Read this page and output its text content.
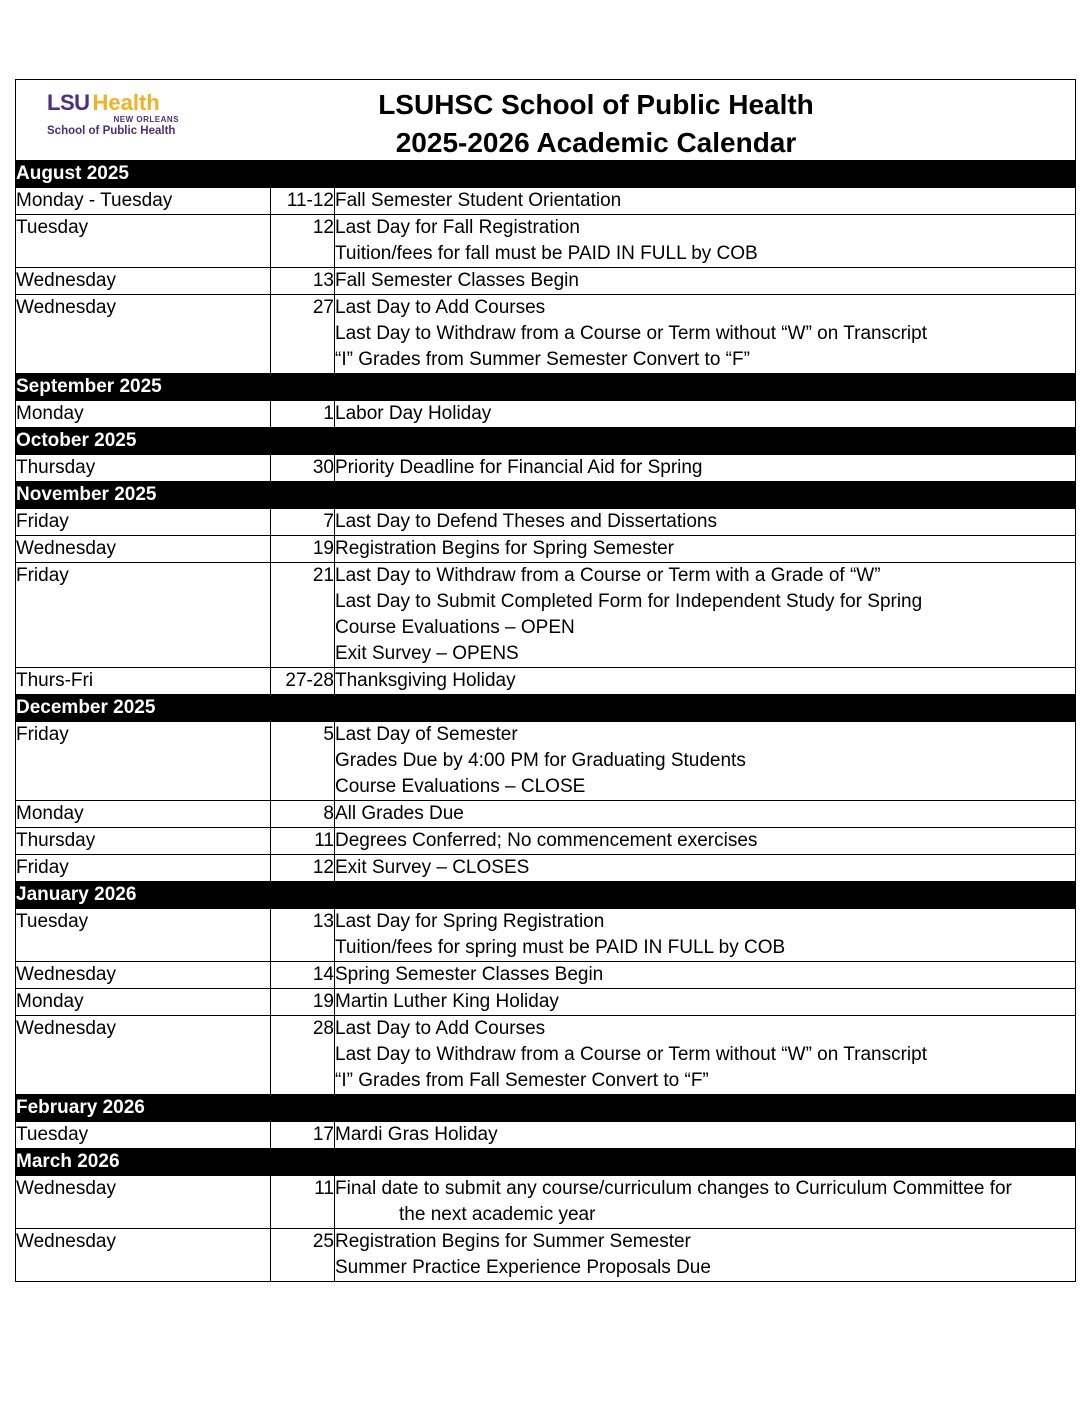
LSU Health
NEW ORLEANS
School of Public Health
LSUHSC School of Public Health
2025-2026 Academic Calendar		

August 2025		
Monday - Tuesday	11-12	Fall Semester Student Orientation

Tuesday	12	Last Day for Fall Registration
Tuition/fees for fall must be PAID IN FULL by COB

Wednesday	13	Fall Semester Classes Begin

Wednesday	27	Last Day to Add Courses
Last Day to Withdraw from a Course or Term without “W” on Transcript
“I” Grades from Summer Semester Convert to “F”

September 2025		
Monday	1	Labor Day Holiday

October 2025		
Thursday	30	Priority Deadline for Financial Aid for Spring

November 2025		
Friday	7	Last Day to Defend Theses and Dissertations

Wednesday	19	Registration Begins for Spring Semester

Friday	21	Last Day to Withdraw from a Course or Term with a Grade of “W”
Last Day to Submit Completed Form for Independent Study for Spring
Course Evaluations – OPEN
Exit Survey – OPENS

Thurs-Fri	27-28	Thanksgiving Holiday

December 2025		
Friday	5	Last Day of Semester
Grades Due by 4:00 PM for Graduating Students
Course Evaluations – CLOSE

Monday	8	All Grades Due

Thursday	11	Degrees Conferred; No commencement exercises

Friday	12	Exit Survey – CLOSES

January 2026		
Tuesday	13	Last Day for Spring Registration
Tuition/fees for spring must be PAID IN FULL by COB

Wednesday	14	Spring Semester Classes Begin

Monday	19	Martin Luther King Holiday

Wednesday	28	Last Day to Add Courses
Last Day to Withdraw from a Course or Term without “W” on Transcript
“I” Grades from Fall Semester Convert to “F”

February 2026		
Tuesday	17	Mardi Gras Holiday

March 2026		
Wednesday	11	Final date to submit any course/curriculum changes to Curriculum Committee for
the next academic year

Wednesday	25	Registration Begins for Summer Semester
Summer Practice Experience Proposals Due
